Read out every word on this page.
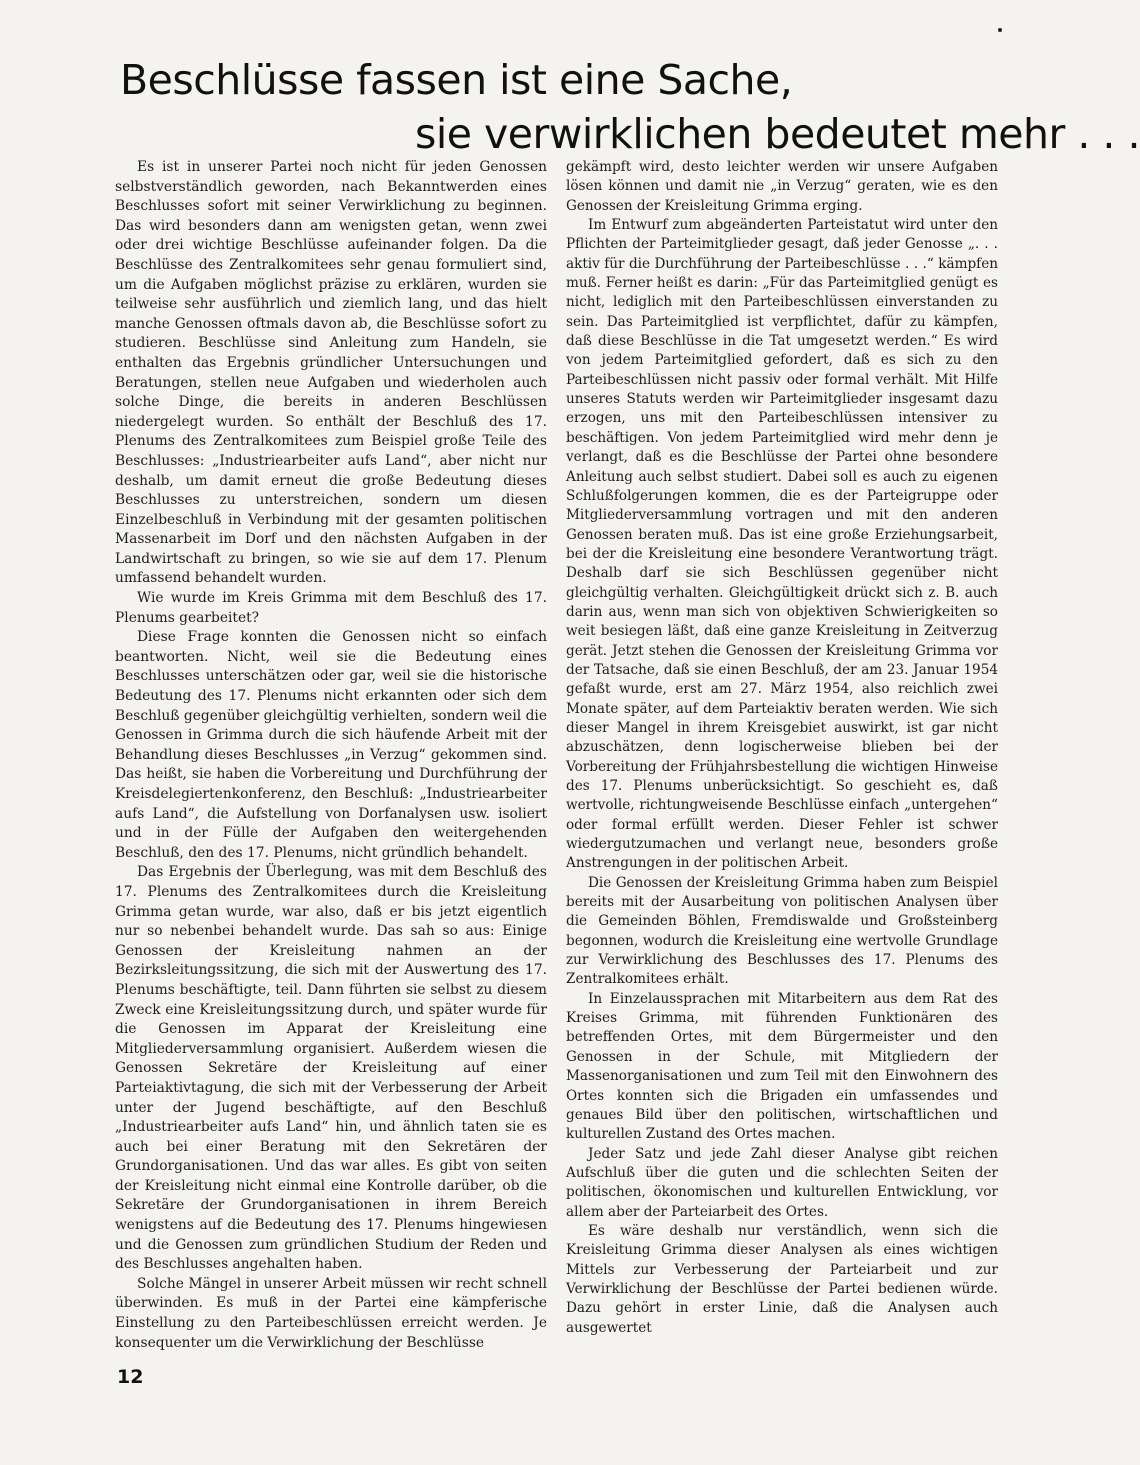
Beschlüsse fassen ist eine Sache,
sie verwirklichen bedeutet mehr . . .

Es ist in unserer Partei noch nicht für jeden Genossen selbstverständlich geworden, nach Bekanntwerden eines Beschlusses sofort mit seiner Verwirklichung zu beginnen. Das wird besonders dann am wenigsten getan, wenn zwei oder drei wichtige Beschlüsse aufeinander folgen. Da die Beschlüsse des Zentralkomitees sehr genau formuliert sind, um die Aufgaben möglichst präzise zu erklären, wurden sie teilweise sehr ausführlich und ziemlich lang, und das hielt manche Genossen oftmals davon ab, die Beschlüsse sofort zu studieren. Beschlüsse sind Anleitung zum Handeln, sie enthalten das Ergebnis gründlicher Untersuchungen und Beratungen, stellen neue Aufgaben und wiederholen auch solche Dinge, die bereits in anderen Beschlüssen niedergelegt wurden. So enthält der Beschluß des 17. Plenums des Zentralkomitees zum Beispiel große Teile des Beschlusses: „Industriearbeiter aufs Land“, aber nicht nur deshalb, um damit erneut die große Bedeutung dieses Beschlusses zu unterstreichen, sondern um diesen Einzelbeschluß in Verbindung mit der gesamten politischen Massenarbeit im Dorf und den nächsten Aufgaben in der Landwirtschaft zu bringen, so wie sie auf dem 17. Plenum umfassend behandelt wurden.

Wie wurde im Kreis Grimma mit dem Beschluß des 17. Plenums gearbeitet?

Diese Frage konnten die Genossen nicht so einfach beantworten. Nicht, weil sie die Bedeutung eines Beschlusses unterschätzen oder gar, weil sie die historische Bedeutung des 17. Plenums nicht erkannten oder sich dem Beschluß gegenüber gleichgültig verhielten, sondern weil die Genossen in Grimma durch die sich häufende Arbeit mit der Behandlung dieses Beschlusses „in Verzug“ gekommen sind. Das heißt, sie haben die Vorbereitung und Durchführung der Kreisdelegiertenkonferenz, den Beschluß: „Industriearbeiter aufs Land“, die Aufstellung von Dorfanalysen usw. isoliert und in der Fülle der Aufgaben den weitergehenden Beschluß, den des 17. Plenums, nicht gründlich behandelt.

Das Ergebnis der Überlegung, was mit dem Beschluß des 17. Plenums des Zentralkomitees durch die Kreisleitung Grimma getan wurde, war also, daß er bis jetzt eigentlich nur so nebenbei behandelt wurde. Das sah so aus: Einige Genossen der Kreisleitung nahmen an der Bezirksleitungssitzung, die sich mit der Auswertung des 17. Plenums beschäftigte, teil. Dann führten sie selbst zu diesem Zweck eine Kreisleitungssitzung durch, und später wurde für die Genossen im Apparat der Kreisleitung eine Mitgliederversammlung organisiert. Außerdem wiesen die Genossen Sekretäre der Kreisleitung auf einer Parteiaktivtagung, die sich mit der Verbesserung der Arbeit unter der Jugend beschäftigte, auf den Beschluß „Industriearbeiter aufs Land“ hin, und ähnlich taten sie es auch bei einer Beratung mit den Sekretären der Grundorganisationen. Und das war alles. Es gibt von seiten der Kreisleitung nicht einmal eine Kontrolle darüber, ob die Sekretäre der Grundorganisationen in ihrem Bereich wenigstens auf die Bedeutung des 17. Plenums hingewiesen und die Genossen zum gründlichen Studium der Reden und des Beschlusses angehalten haben.

Solche Mängel in unserer Arbeit müssen wir recht schnell überwinden. Es muß in der Partei eine kämpferische Einstellung zu den Parteibeschlüssen erreicht werden. Je konsequenter um die Verwirklichung der Beschlüsse

gekämpft wird, desto leichter werden wir unsere Aufgaben lösen können und damit nie „in Verzug“ geraten, wie es den Genossen der Kreisleitung Grimma erging.

Im Entwurf zum abgeänderten Parteistatut wird unter den Pflichten der Parteimitglieder gesagt, daß jeder Genosse „. . . aktiv für die Durchführung der Parteibeschlüsse . . .“ kämpfen muß. Ferner heißt es darin: „Für das Parteimitglied genügt es nicht, lediglich mit den Parteibeschlüssen einverstanden zu sein. Das Parteimitglied ist verpflichtet, dafür zu kämpfen, daß diese Beschlüsse in die Tat umgesetzt werden.“ Es wird von jedem Parteimitglied gefordert, daß es sich zu den Parteibeschlüssen nicht passiv oder formal verhält. Mit Hilfe unseres Statuts werden wir Parteimitglieder insgesamt dazu erzogen, uns mit den Parteibeschlüssen intensiver zu beschäftigen. Von jedem Parteimitglied wird mehr denn je verlangt, daß es die Beschlüsse der Partei ohne besondere Anleitung auch selbst studiert. Dabei soll es auch zu eigenen Schlußfolgerungen kommen, die es der Parteigruppe oder Mitgliederversammlung vortragen und mit den anderen Genossen beraten muß. Das ist eine große Erziehungsarbeit, bei der die Kreisleitung eine besondere Verantwortung trägt. Deshalb darf sie sich Beschlüssen gegenüber nicht gleichgültig verhalten. Gleichgültigkeit drückt sich z. B. auch darin aus, wenn man sich von objektiven Schwierigkeiten so weit besiegen läßt, daß eine ganze Kreisleitung in Zeitverzug gerät. Jetzt stehen die Genossen der Kreisleitung Grimma vor der Tatsache, daß sie einen Beschluß, der am 23. Januar 1954 gefaßt wurde, erst am 27. März 1954, also reichlich zwei Monate später, auf dem Parteiaktiv beraten werden. Wie sich dieser Mangel in ihrem Kreisgebiet auswirkt, ist gar nicht abzuschätzen, denn logischerweise blieben bei der Vorbereitung der Frühjahrsbestellung die wichtigen Hinweise des 17. Plenums unberücksichtigt. So geschieht es, daß wertvolle, richtungweisende Beschlüsse einfach „untergehen“ oder formal erfüllt werden. Dieser Fehler ist schwer wiedergutzumachen und verlangt neue, besonders große Anstrengungen in der politischen Arbeit.

Die Genossen der Kreisleitung Grimma haben zum Beispiel bereits mit der Ausarbeitung von politischen Analysen über die Gemeinden Böhlen, Fremdiswalde und Großsteinberg begonnen, wodurch die Kreisleitung eine wertvolle Grundlage zur Verwirklichung des Beschlusses des 17. Plenums des Zentralkomitees erhält.

In Einzelaussprachen mit Mitarbeitern aus dem Rat des Kreises Grimma, mit führenden Funktionären des betreffenden Ortes, mit dem Bürgermeister und den Genossen in der Schule, mit Mitgliedern der Massenorganisationen und zum Teil mit den Einwohnern des Ortes konnten sich die Brigaden ein umfassendes und genaues Bild über den politischen, wirtschaftlichen und kulturellen Zustand des Ortes machen.

Jeder Satz und jede Zahl dieser Analyse gibt reichen Aufschluß über die guten und die schlechten Seiten der politischen, ökonomischen und kulturellen Entwicklung, vor allem aber der Parteiarbeit des Ortes.

Es wäre deshalb nur verständlich, wenn sich die Kreisleitung Grimma dieser Analysen als eines wichtigen Mittels zur Verbesserung der Parteiarbeit und zur Verwirklichung der Beschlüsse der Partei bedienen würde. Dazu gehört in erster Linie, daß die Analysen auch ausgewertet

12
